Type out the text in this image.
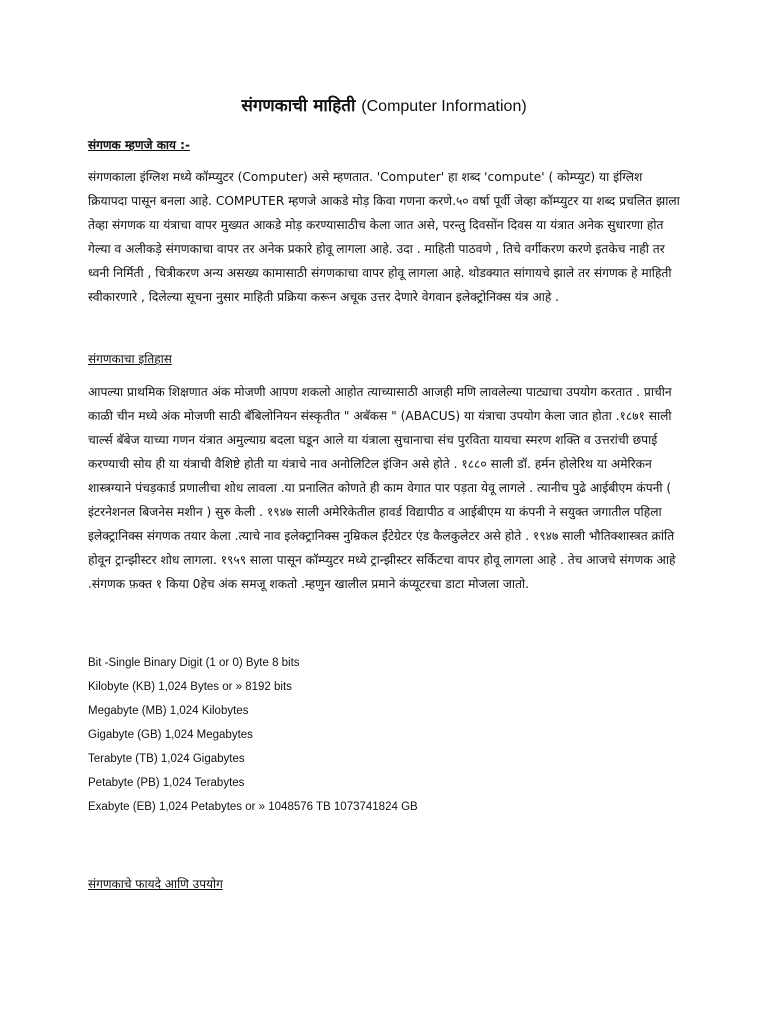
संगणकाची माहिती (Computer Information)
संगणक म्हणजे काय :-

संगणकाला इंग्लिश मध्ये कॉम्प्युटर (Computer) असे म्हणतात. 'Computer' हा शब्द 'compute' ( कोम्प्युट) या इंग्लिश क्रियापदा पासून बनला आहे. COMPUTER म्हणजे आकडे मोड़ किवा गणना करणे.५० वर्षा पूर्वी जेव्हा कॉम्प्युटर या शब्द प्रचलित झाला तेव्हा संगणक या यंत्राचा वापर मुख्यत आकडे मोड़ करण्यासाठीच केला जात असे, परन्तु दिवसोंन दिवस या यंत्रात अनेक सुधारणा होत गेल्या व अलीकड़े संगणकाचा वापर तर अनेक प्रकारे होवू लागला आहे. उदा . माहिती पाठवणे , तिचे वर्गीकरण करणे इतकेच नाही तर ध्वनी निर्मिती , चित्रीकरण अन्य असख्य कामासाठी संगणकाचा वापर होवू लागला आहे. थोडक्यात सांगायचे झाले तर संगणक हे माहिती स्वीकारणारे , दिलेल्या सूचना नुसार माहिती प्रक्रिया करून अचूक उत्तर देणारे वेगवान इलेक्ट्रोनिक्स यंत्र आहे .

संगणकाचा इतिहास

आपल्या प्राथमिक शिक्षणात अंक मोजणी आपण शकलो आहोत त्याच्यासाठी आजही मणि लावलेल्या पाट्याचा उपयोग करतात . प्राचीन काळी चीन मध्ये अंक मोजणी साठी बॅबिलोनियन संस्कृतीत " अबॅकस " (ABACUS) या यंत्राचा उपयोग केला जात होता .१८७१ साली चार्ल्स बॅबेज याच्या गणन यंत्रात अमुल्याग्र बदला घडून आले या यंत्राला सुचानाचा संच पुरविता यायचा स्मरण शक्ति व उत्तरांची छपाई करण्याची सोय ही या यंत्राची वैशिष्टे होती या यंत्राचे नाव अनोलिटिल इंजिन असे होते . १८८० साली डॉ. हर्मन होलेरिथ या अमेरिकन शास्त्रग्याने पंचड़कार्ड प्रणालीचा शोध लावला .या प्रनालित कोणते ही काम वेगात पार पड़ता येवू लागले . त्यानीच पुढे आईबीएम कंपनी ( इंटरनेशनल बिजनेस मशीन ) सुरु केली . १९४७ साली अमेरिकेतील हावर्ड विद्यापीठ व आईबीएम या कंपनी ने सयुक्त जगातील पहिला इलेक्ट्रानिक्स संगणक तयार केला .त्याचे नाव इलेक्ट्रानिक्स नुम्रिकल ईंटेग्रेटर एंड कैलकुलेटर असे होते . १९४७ साली भौतिक्शास्त्रत क्रांति होवून ट्रान्झीस्टर शोध लागला. १९५९ साला पासून कॉम्प्युटर मध्ये ट्रान्झीस्टर सर्किटचा वापर होवू लागला आहे . तेच आजचे संगणक आहे .संगणक फ़क्त १ किया 0हेच अंक समजू शकतो .म्हणुन खालील प्रमाने कंप्यूटरचा डाटा मोजला जातो.

Bit -Single Binary Digit (1 or 0) Byte 8 bits
Kilobyte (KB) 1,024 Bytes or » 8192 bits
Megabyte (MB) 1,024 Kilobytes
Gigabyte (GB) 1,024 Megabytes
Terabyte (TB) 1,024 Gigabytes
Petabyte (PB) 1,024 Terabytes
Exabyte (EB) 1,024 Petabytes or » 1048576 TB 1073741824 GB
संगणकाचे फायदे आणि उपयोग
